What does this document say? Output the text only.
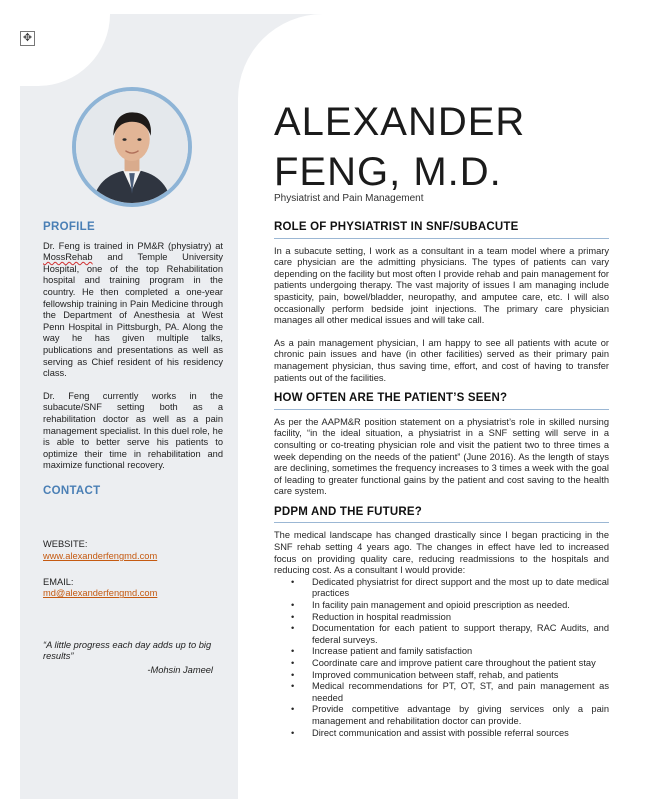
✥
PROFILE

Dr. Feng is trained in PM&R (physiatry) at MossRehab and Temple University Hospital, one of the top Rehabilitation hospital and training program in the country. He then completed a one-year fellowship training in Pain Medicine through the Department of Anesthesia at West Penn Hospital in Pittsburgh, PA. Along the way he has given multiple talks, publications and presentations as well as serving as Chief resident of his residency class.

Dr. Feng currently works in the subacute/SNF setting both as a rehabilitation doctor as well as a pain management specialist. In this duel role, he is able to better serve his patients to optimize their time in rehabilitation and maximize functional recovery.

CONTACT
WEBSITE:
www.alexanderfengmd.com
EMAIL:
md@alexanderfengmd.com
“A little progress each day adds up to big results”
-Mohsin Jameel
ALEXANDER
FENG, M.D.
Physiatrist and Pain Management
ROLE OF PHYSIATRIST IN SNF/SUBACUTE

In a subacute setting, I work as a consultant in a team model where a primary care physician are the admitting physicians. The types of patients can vary depending on the facility but most often I provide rehab and pain management for patients undergoing therapy. The vast majority of issues I am managing include spasticity, pain, bowel/bladder, neuropathy, and amputee care, etc. I will also occasionally perform bedside joint injections. The primary care physician manages all other medical issues and will take call.

As a pain management physician, I am happy to see all patients with acute or chronic pain issues and have (in other facilities) served as their primary pain management physician, thus saving time, effort, and cost of having to transfer patients out of the facilities.

HOW OFTEN ARE THE PATIENT’S SEEN?

As per the AAPM&R position statement on a physiatrist’s role in skilled nursing facility, “in the ideal situation, a physiatrist in a SNF setting will serve in a consulting or co-treating physician role and visit the patient two to three times a week depending on the needs of the patient” (June 2016). As the length of stays are declining, sometimes the frequency increases to 3 times a week with the goal of leading to greater functional gains by the patient and cost saving to the health care system.

PDPM AND THE FUTURE?

The medical landscape has changed drastically since I began practicing in the SNF rehab setting 4 years ago. The changes in effect have led to increased focus on providing quality care, reducing readmissions to the hospitals and reducing cost. As a consultant I would provide:

• Dedicated physiatrist for direct support and the most up to date medical practices
• In facility pain management and opioid prescription as needed.
• Reduction in hospital readmission
• Documentation for each patient to support therapy, RAC Audits, and federal surveys.
• Increase patient and family satisfaction
• Coordinate care and improve patient care throughout the patient stay
• Improved communication between staff, rehab, and patients
• Medical recommendations for PT, OT, ST, and pain management as needed
• Provide competitive advantage by giving services only a pain management and rehabilitation doctor can provide.
• Direct communication and assist with possible referral sources
